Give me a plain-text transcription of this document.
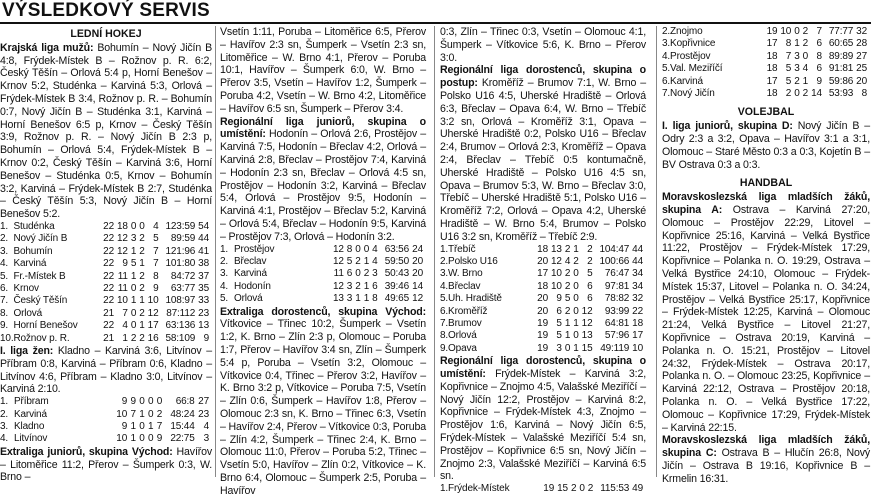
VÝSLEDKOVÝ SERVIS
LEDNÍ HOKEJ

Krajská liga mužů: Bohumín – Nový Jičín B 4:8, Frýdek-Místek B – Rožnov p. R. 6:2, Český Těšín – Orlová 5:4 p, Horní Benešov – Krnov 5:2, Studénka – Karviná 5:3, Orlová – Frýdek-Místek B 3:4, Rožnov p. R. – Bohumín 0:7, Nový Jičín B – Studénka 3:1, Karviná – Horní Benešov 6:5 p, Krnov – Český Těšín 3:9, Rožnov p. R. – Nový Jičín B 2:3 p, Bohumín – Orlová 5:4, Frýdek-Místek B – Krnov 0:2, Český Těšín – Karviná 3:6, Horní Benešov – Studénka 0:5, Krnov – Bohumín 3:2, Karviná – Frýdek-Místek B 2:7, Studénka – Český Těšín 5:3, Nový Jičín B – Horní Benešov 5:2.

1.	Studénka	22	18	0	0	4	123:59	54
2.	Nový Jičín B	22	12	3	2	5	89:59	44
3.	Bohumín	22	12	1	2	7	121:96	41
4.	Karviná	22	9	5	1	7	101:80	38
5.	Fr.-Místek B	22	11	1	2	8	84:72	37
6.	Krnov	22	11	0	2	9	63:77	35
7.	Český Těšín	22	10	1	1	10	108:97	33
8.	Orlová	21	7	0	2	12	87:112	23
9.	Horní Benešov	22	4	0	1	17	63:136	13
10.	Rožnov p. R.	21	1	2	2	16	58:109	9

I. liga žen: Kladno – Karviná 3:6, Litvínov – Příbram 0:8, Karviná – Příbram 0:6, Kladno – Litvínov 4:6, Příbram – Kladno 3:0, Litvínov – Karviná 2:10.

1.	Příbram	9	9	0	0	0	66:8	27
2.	Karviná	10	7	1	0	2	48:24	23
3.	Kladno	9	1	0	1	7	15:44	4
4.	Litvínov	10	1	0	0	9	22:75	3

Extraliga juniorů, skupina Východ: Havířov – Litoměřice 11:2, Přerov – Šumperk 0:3, W. Brno –

Vsetín 1:11, Poruba – Litoměřice 6:5, Přerov – Havířov 2:3 sn, Šumperk – Vsetín 2:3 sn, Litoměřice – W. Brno 4:1, Přerov – Poruba 10:1, Havířov – Šumperk 6:0, W. Brno – Přerov 3:5, Vsetín – Havířov 1:2, Šumperk – Poruba 4:2, Vsetín – W. Brno 4:2, Litoměřice – Havířov 6:5 sn, Šumperk – Přerov 3:4.

Regionální liga juniorů, skupina o umístění: Hodonín – Orlová 2:6, Prostějov – Karviná 7:5, Hodonín – Břeclav 4:2, Orlová – Karviná 2:8, Břeclav – Prostějov 7:4, Karviná – Hodonín 2:3 sn, Břeclav – Orlová 4:5 sn, Prostějov – Hodonín 3:2, Karviná – Břeclav 5:4, Orlová – Prostějov 9:5, Hodonín – Karviná 4:1, Prostějov – Břeclav 5:2, Karviná – Orlová 5:4, Břeclav – Hodonín 9:5, Karviná – Prostějov 7:3, Orlová – Hodonín 3:2.

1.	Prostějov	12	8	0	0	4	63:56	24
2.	Břeclav	12	5	2	1	4	59:50	20
3.	Karviná	11	6	0	2	3	50:43	20
4.	Hodonín	12	3	2	1	6	39:46	14
5.	Orlová	13	3	1	1	8	49:65	12

Extraliga dorostenců, skupina Východ: Vítkovice – Třinec 10:2, Šumperk – Vsetín 1:2, K. Brno – Zlín 2:3 p, Olomouc – Poruba 1:7, Přerov – Havířov 3:4 sn, Zlín – Šumperk 5:4 p, Poruba – Vsetín 3:2, Olomouc – Vítkovice 0:4, Třinec – Přerov 3:2, Havířov – K. Brno 3:2 p, Vítkovice – Poruba 7:5, Vsetín – Zlín 0:6, Šumperk – Havířov 1:8, Přerov – Olomouc 2:3 sn, K. Brno – Třinec 6:3, Vsetín – Havířov 2:4, Přerov – Vítkovice 0:3, Poruba – Zlín 4:2, Šumperk – Třinec 2:4, K. Brno – Olomouc 11:0, Přerov – Poruba 5:2, Třinec – Vsetín 5:0, Havířov – Zlín 0:2, Vítkovice – K. Brno 6:4, Olomouc – Šumperk 2:5, Poruba – Havířov

0:3, Zlín – Třinec 0:3, Vsetín – Olomouc 4:1, Šumperk – Vítkovice 5:6, K. Brno – Přerov 3:0.

Regionální liga dorostenců, skupina o postup: Kroměříž – Brumov 7:1, W. Brno – Polsko U16 4:5, Uherské Hradiště – Orlová 6:3, Břeclav – Opava 6:4, W. Brno – Třebíč 3:2 sn, Orlová – Kroměříž 3:1, Opava – Uherské Hradiště 0:2, Polsko U16 – Břeclav 2:4, Brumov – Orlová 2:3, Kroměříž – Opava 2:4, Břeclav – Třebíč 0:5 kontumačně, Uherské Hradiště – Polsko U16 4:5 sn, Opava – Brumov 5:3, W. Brno – Břeclav 3:0, Třebíč – Uherské Hradiště 5:1, Polsko U16 – Kroměříž 7:2, Orlová – Opava 4:2, Uherské Hradiště – W. Brno 5:4, Brumov – Polsko U16 3:2 sn, Kroměříž – Třebíč 2:9.

1.	Třebíč	18	13	2	1	2	104:47	44
2.	Polsko U16	20	12	4	2	2	100:66	44
3.	W. Brno	17	10	2	0	5	76:47	34
4.	Břeclav	18	10	2	0	6	97:81	34
5.	Uh. Hradiště	20	9	5	0	6	78:82	32
6.	Kroměříž	20	6	2	0	12	93:99	22
7.	Brumov	19	5	1	1	12	64:81	18
8.	Orlová	19	5	1	0	13	57:96	17
9.	Opava	19	3	0	1	15	49:119	10

Regionální liga dorostenců, skupina o umístění: Frýdek-Místek – Karviná 3:2, Kopřivnice – Znojmo 4:5, Valašské Meziříčí – Nový Jičín 12:2, Prostějov – Karviná 8:2, Kopřivnice – Frýdek-Místek 4:3, Znojmo – Prostějov 1:6, Karviná – Nový Jičín 6:5, Frýdek-Místek – Valašské Meziříčí 5:4 sn, Prostějov – Kopřivnice 6:5 sn, Nový Jičín – Znojmo 2:3, Valašské Meziříčí – Karviná 6:5 sn.

1.	Frýdek-Místek	19	15	2	0	2	115:53	49
2.	Znojmo	19	10	0	2	7	77:77	32
3.	Kopřivnice	17	8	1	2	6	60:65	28
4.	Prostějov	18	7	3	0	8	89:89	27
5.	Val. Meziříčí	18	5	3	4	6	91:81	25
6.	Karviná	17	5	2	1	9	59:86	20
7.	Nový Jičín	18	2	0	2	14	53:93	8
VOLEJBAL

I. liga juniorů, skupina D: Nový Jičín B – Odry 2:3 a 3:2, Opava – Havířov 3:1 a 3:1, Olomouc – Staré Město 0:3 a 0:3, Kojetín B – BV Ostrava 0:3 a 0:3.

HANDBAL

Moravskoslezská liga mladších žáků, skupina A: Ostrava – Karviná 27:20, Olomouc – Prostějov 22:29, Litovel – Kopřivnice 25:16, Karviná – Velká Bystřice 11:22, Prostějov – Frýdek-Místek 17:29, Kopřivnice – Polanka n. O. 19:29, Ostrava – Velká Bystřice 24:10, Olomouc – Frýdek-Místek 15:37, Litovel – Polanka n. O. 34:24, Prostějov – Velká Bystřice 25:17, Kopřivnice – Frýdek-Místek 12:25, Karviná – Olomouc 21:24, Velká Bystřice – Litovel 21:27, Kopřivnice – Ostrava 20:19, Karviná – Polanka n. O. 15:21, Prostějov – Litovel 24:32, Frýdek-Místek – Ostrava 20:17, Polanka n. O. – Olomouc 23:25, Kopřivnice – Karviná 22:12, Ostrava – Prostějov 20:18, Polanka n. O. – Velká Bystřice 17:22, Olomouc – Kopřivnice 17:29, Frýdek-Místek – Karviná 22:15.

Moravskoslezská liga mladších žáků, skupina C: Ostrava B – Hlučín 26:8, Nový Jičín – Ostrava B 19:16, Kopřivnice B – Krmelin 16:31.
